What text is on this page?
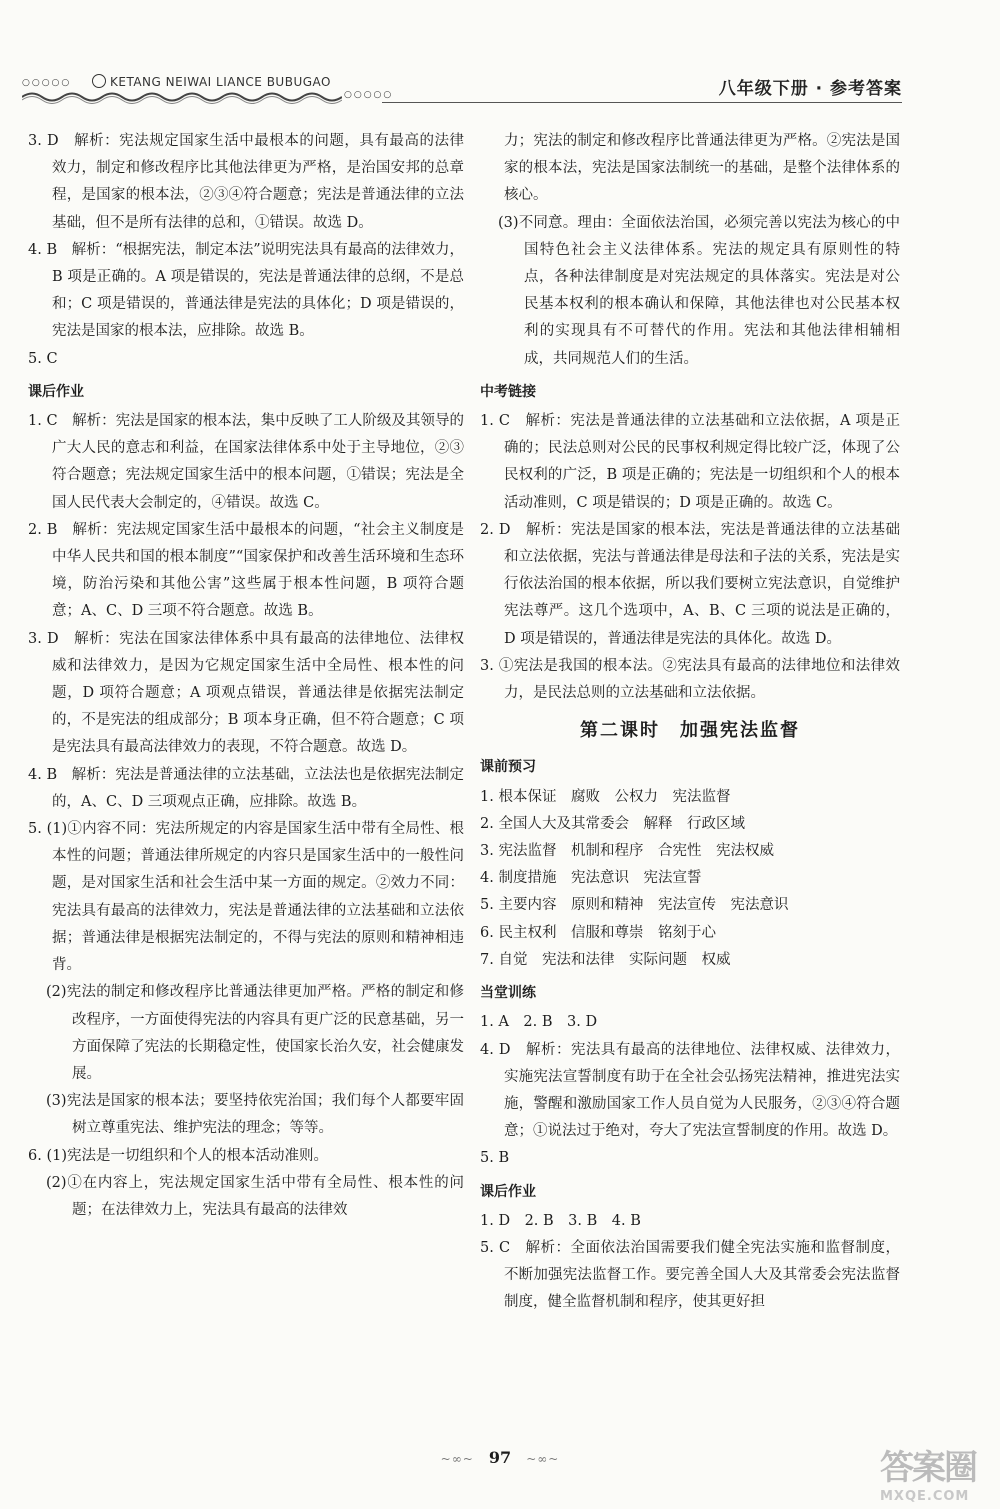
○○○○○	KETANG NEIWAI LIANCE BUBUGAO
○○○○○	八年级下册 · 参考答案

3. D　解析：宪法规定国家生活中最根本的问题，具有最高的法律效力，制定和修改程序比其他法律更为严格，是治国安邦的总章程，是国家的根本法，②③④符合题意；宪法是普通法律的立法基础，但不是所有法律的总和，①错误。故选 D。

4. B　解析：“根据宪法，制定本法”说明宪法具有最高的法律效力，B 项是正确的。A 项是错误的，宪法是普通法律的总纲，不是总和；C 项是错误的，普通法律是宪法的具体化；D 项是错误的，宪法是国家的根本法，应排除。故选 B。

5. C

课后作业

1. C　解析：宪法是国家的根本法，集中反映了工人阶级及其领导的广大人民的意志和利益，在国家法律体系中处于主导地位，②③符合题意；宪法规定国家生活中的根本问题，①错误；宪法是全国人民代表大会制定的，④错误。故选 C。

2. B　解析：宪法规定国家生活中最根本的问题，“社会主义制度是中华人民共和国的根本制度”“国家保护和改善生活环境和生态环境，防治污染和其他公害”这些属于根本性问题，B 项符合题意；A、C、D 三项不符合题意。故选 B。

3. D　解析：宪法在国家法律体系中具有最高的法律地位、法律权威和法律效力，是因为它规定国家生活中全局性、根本性的问题，D 项符合题意；A 项观点错误，普通法律是依据宪法制定的，不是宪法的组成部分；B 项本身正确，但不符合题意；C 项是宪法具有最高法律效力的表现，不符合题意。故选 D。

4. B　解析：宪法是普通法律的立法基础，立法法也是依据宪法制定的，A、C、D 三项观点正确，应排除。故选 B。

5. (1)①内容不同：宪法所规定的内容是国家生活中带有全局性、根本性的问题；普通法律所规定的内容只是国家生活中的一般性问题，是对国家生活和社会生活中某一方面的规定。②效力不同：宪法具有最高的法律效力，宪法是普通法律的立法基础和立法依据；普通法律是根据宪法制定的，不得与宪法的原则和精神相违背。

(2)宪法的制定和修改程序比普通法律更加严格。严格的制定和修改程序，一方面使得宪法的内容具有更广泛的民意基础，另一方面保障了宪法的长期稳定性，使国家长治久安，社会健康发展。

(3)宪法是国家的根本法；要坚持依宪治国；我们每个人都要牢固树立尊重宪法、维护宪法的理念；等等。

6. (1)宪法是一切组织和个人的根本活动准则。

(2)①在内容上，宪法规定国家生活中带有全局性、根本性的问题；在法律效力上，宪法具有最高的法律效

力；宪法的制定和修改程序比普通法律更为严格。②宪法是国家的根本法，宪法是国家法制统一的基础，是整个法律体系的核心。

(3)不同意。理由：全面依法治国，必须完善以宪法为核心的中国特色社会主义法律体系。宪法的规定具有原则性的特点，各种法律制度是对宪法规定的具体落实。宪法是对公民基本权利的根本确认和保障，其他法律也对公民基本权利的实现具有不可替代的作用。宪法和其他法律相辅相成，共同规范人们的生活。

中考链接

1. C　解析：宪法是普通法律的立法基础和立法依据，A 项是正确的；民法总则对公民的民事权利规定得比较广泛，体现了公民权利的广泛，B 项是正确的；宪法是一切组织和个人的根本活动准则，C 项是错误的；D 项是正确的。故选 C。

2. D　解析：宪法是国家的根本法，宪法是普通法律的立法基础和立法依据，宪法与普通法律是母法和子法的关系，宪法是实行依法治国的根本依据，所以我们要树立宪法意识，自觉维护宪法尊严。这几个选项中，A、B、C 三项的说法是正确的，D 项是错误的，普通法律是宪法的具体化。故选 D。

3. ①宪法是我国的根本法。②宪法具有最高的法律地位和法律效力，是民法总则的立法基础和立法依据。

第二课时　加强宪法监督

课前预习

1. 根本保证　腐败　公权力　宪法监督

2. 全国人大及其常委会　解释　行政区域

3. 宪法监督　机制和程序　合宪性　宪法权威

4. 制度措施　宪法意识　宪法宣誓

5. 主要内容　原则和精神　宪法宣传　宪法意识

6. 民主权利　信服和尊崇　铭刻于心

7. 自觉　宪法和法律　实际问题　权威

当堂训练

1. A　2. B　3. D

4. D　解析：宪法具有最高的法律地位、法律权威、法律效力，实施宪法宣誓制度有助于在全社会弘扬宪法精神，推进宪法实施，警醒和激励国家工作人员自觉为人民服务，②③④符合题意；①说法过于绝对，夸大了宪法宣誓制度的作用。故选 D。

5. B

课后作业

1. D　2. B　3. B　4. B

5. C　解析：全面依法治国需要我们健全宪法实施和监督制度，不断加强宪法监督工作。要完善全国人大及其常委会宪法监督制度，健全监督机制和程序，使其更好担

~∞~ 97 ~∞~	答案圈
MXQE.COM
